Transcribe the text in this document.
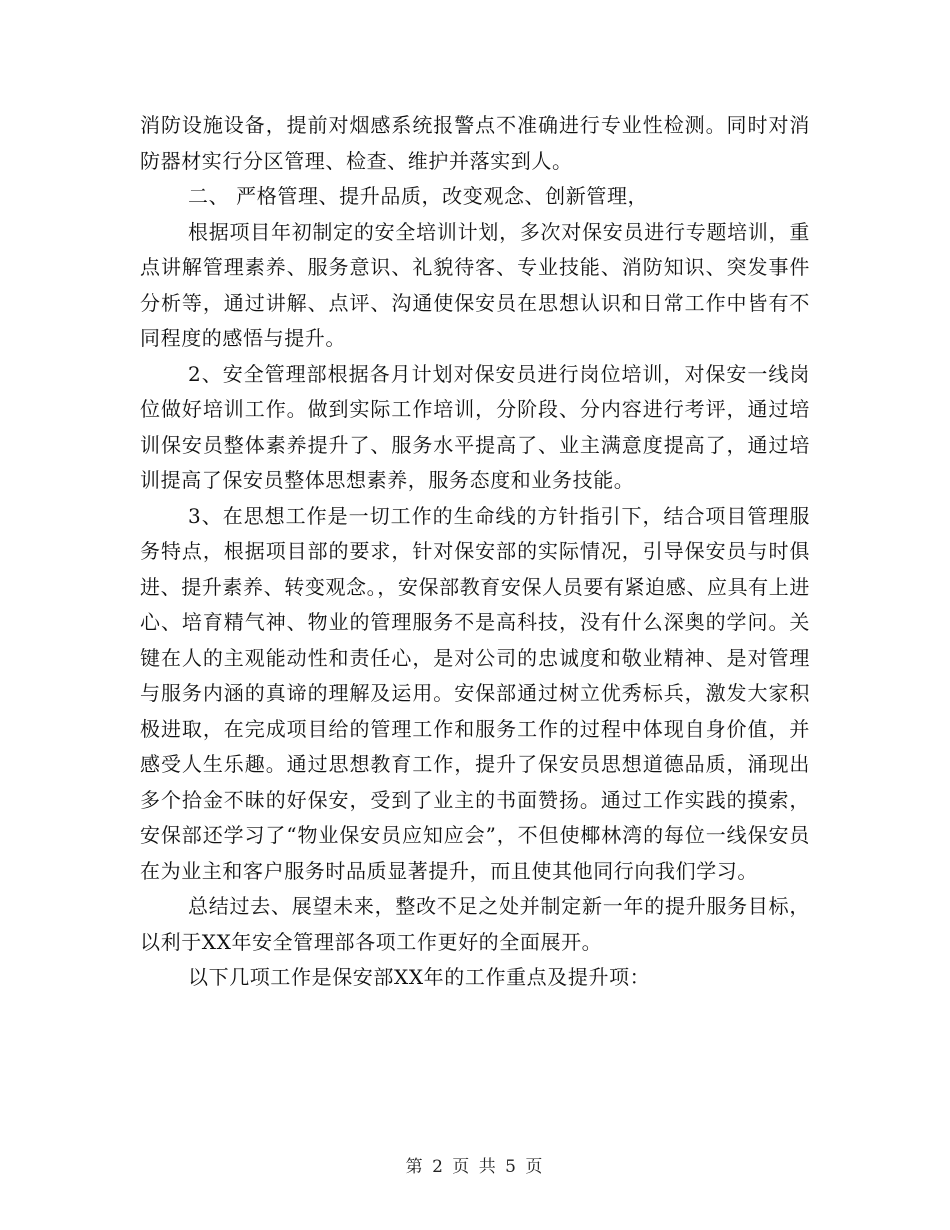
消防设施设备，提前对烟感系统报警点不准确进行专业性检测。同时对消防器材实行分区管理、检查、维护并落实到人。

二、 严格管理、提升品质，改变观念、创新管理，

根据项目年初制定的安全培训计划，多次对保安员进行专题培训，重点讲解管理素养、服务意识、礼貌待客、专业技能、消防知识、突发事件分析等，通过讲解、点评、沟通使保安员在思想认识和日常工作中皆有不同程度的感悟与提升。

2、安全管理部根据各月计划对保安员进行岗位培训，对保安一线岗位做好培训工作。做到实际工作培训，分阶段、分内容进行考评，通过培训保安员整体素养提升了、服务水平提高了、业主满意度提高了，通过培训提高了保安员整体思想素养，服务态度和业务技能。

3、在思想工作是一切工作的生命线的方针指引下，结合项目管理服务特点，根据项目部的要求，针对保安部的实际情况，引导保安员与时俱进、提升素养、转变观念。，安保部教育安保人员要有紧迫感、应具有上进心、培育精气神、物业的管理服务不是高科技，没有什么深奥的学问。关键在人的主观能动性和责任心，是对公司的忠诚度和敬业精神、是对管理与服务内涵的真谛的理解及运用。安保部通过树立优秀标兵，激发大家积极进取，在完成项目给的管理工作和服务工作的过程中体现自身价值，并感受人生乐趣。通过思想教育工作，提升了保安员思想道德品质，涌现出多个拾金不昧的好保安，受到了业主的书面赞扬。通过工作实践的摸索，安保部还学习了“物业保安员应知应会”，不但使椰林湾的每位一线保安员在为业主和客户服务时品质显著提升，而且使其他同行向我们学习。

总结过去、展望未来，整改不足之处并制定新一年的提升服务目标，以利于XX年安全管理部各项工作更好的全面展开。

以下几项工作是保安部XX年的工作重点及提升项：

第 2 页 共 5 页
